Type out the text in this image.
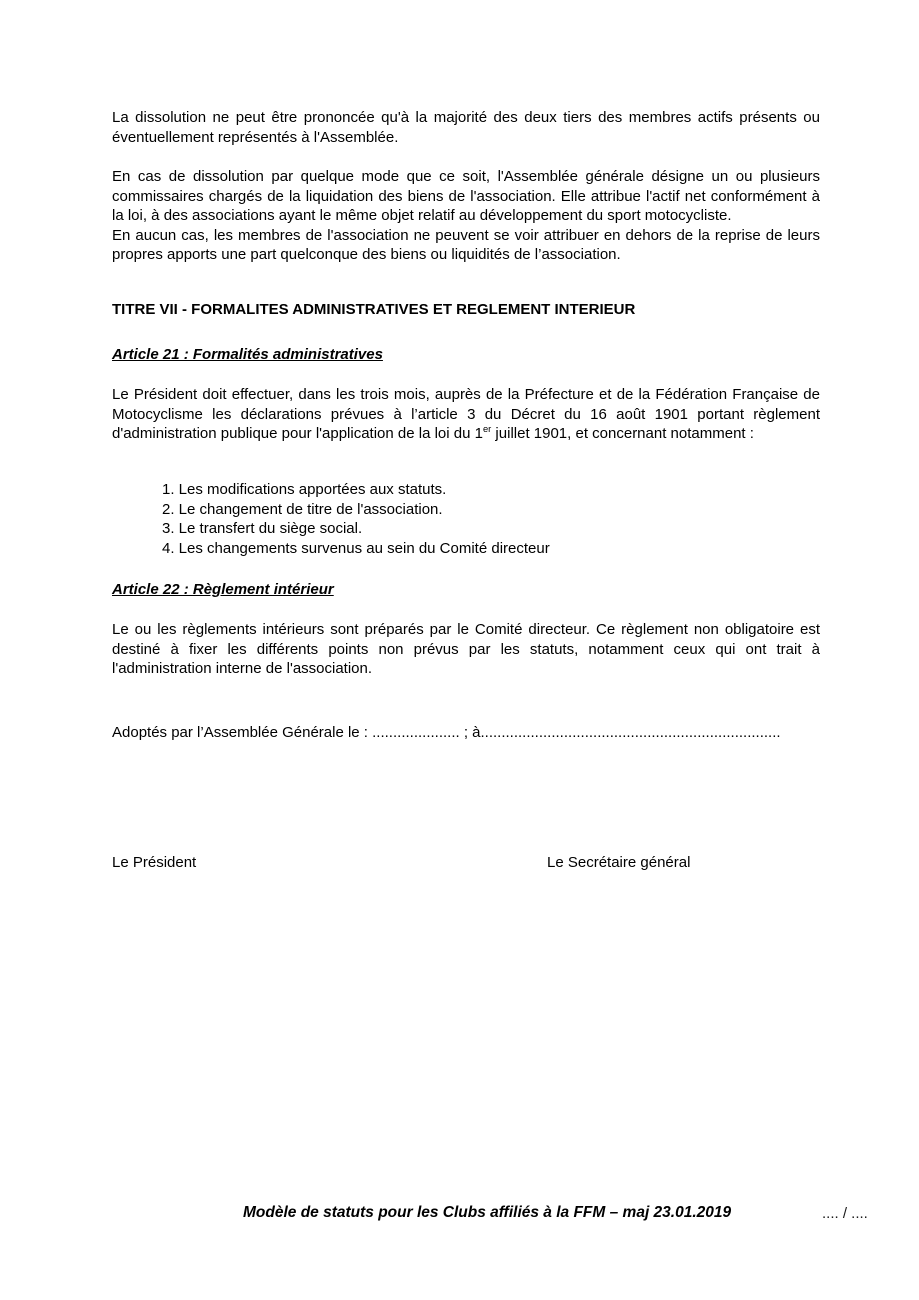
La dissolution ne peut être prononcée qu'à la majorité des deux tiers des membres actifs présents ou éventuellement représentés à l'Assemblée.

En cas de dissolution par quelque mode que ce soit, l'Assemblée générale désigne un ou plusieurs commissaires chargés de la liquidation des biens de l'association. Elle attribue l'actif net conformément à la loi, à des associations ayant le même objet relatif au développement du sport motocycliste.

En aucun cas, les membres de l'association ne peuvent se voir attribuer en dehors de la reprise de leurs propres apports une part quelconque des biens ou liquidités de l’association.

TITRE VII - FORMALITES ADMINISTRATIVES ET REGLEMENT INTERIEUR
Article 21 : Formalités administratives

Le Président doit effectuer, dans les trois mois, auprès de la Préfecture et de la Fédération Française de Motocyclisme les déclarations prévues à l’article 3 du Décret du 16 août 1901 portant règlement d'administration publique pour l'application de la loi du 1er juillet 1901, et concernant notamment :

1. Les modifications apportées aux statuts.
2. Le changement de titre de l'association.
3. Le transfert du siège social.
4. Les changements survenus au sein du Comité directeur
Article 22 : Règlement intérieur

Le ou les règlements intérieurs sont préparés par le Comité directeur. Ce règlement non obligatoire est destiné à fixer les différents points non prévus par les statuts, notamment ceux qui ont trait à l'administration interne de l'association.

Adoptés par l’Assemblée Générale le : ..................... ; à........................................................................

Le Président	Le Secrétaire général
Modèle de statuts pour les Clubs affiliés à la FFM – maj 23.01.2019	.... / ....
